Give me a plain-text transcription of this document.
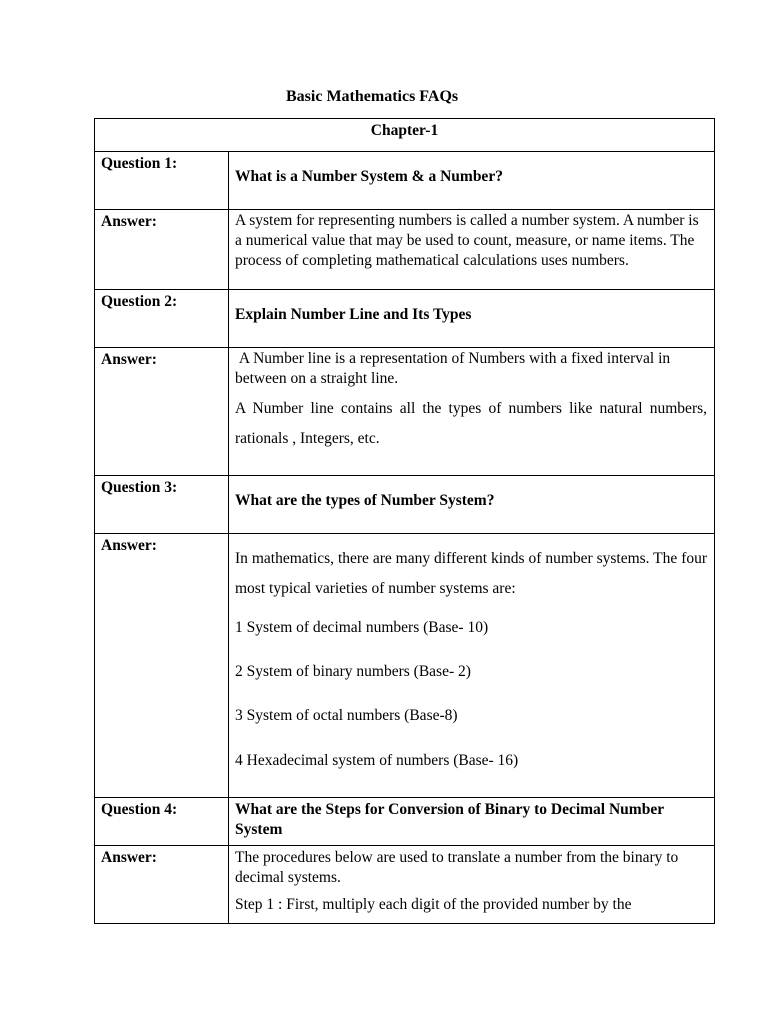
Basic Mathematics FAQs
Chapter-1	

Question 1:	What is a Number System & a Number?

Answer:	A system for representing numbers is called a number system. A number is a numerical value that may be used to count, measure, or name items. The process of completing mathematical calculations uses numbers.

Question 2:	Explain Number Line and Its Types

Answer:	A Number line is a representation of Numbers with a fixed interval in between on a straight line.

A Number line contains all the types of numbers like natural numbers, rationals , Integers, etc.

Question 3:	What are the types of Number System?

Answer:	In mathematics, there are many different kinds of number systems. The four most typical varieties of number systems are:

1 System of decimal numbers (Base- 10)

2 System of binary numbers (Base- 2)

3 System of octal numbers (Base-8)

4 Hexadecimal system of numbers (Base- 16)

Question 4:	What are the Steps for Conversion of Binary to Decimal Number System

Answer:	The procedures below are used to translate a number from the binary to decimal systems.

Step 1 : First, multiply each digit of the provided number by the
